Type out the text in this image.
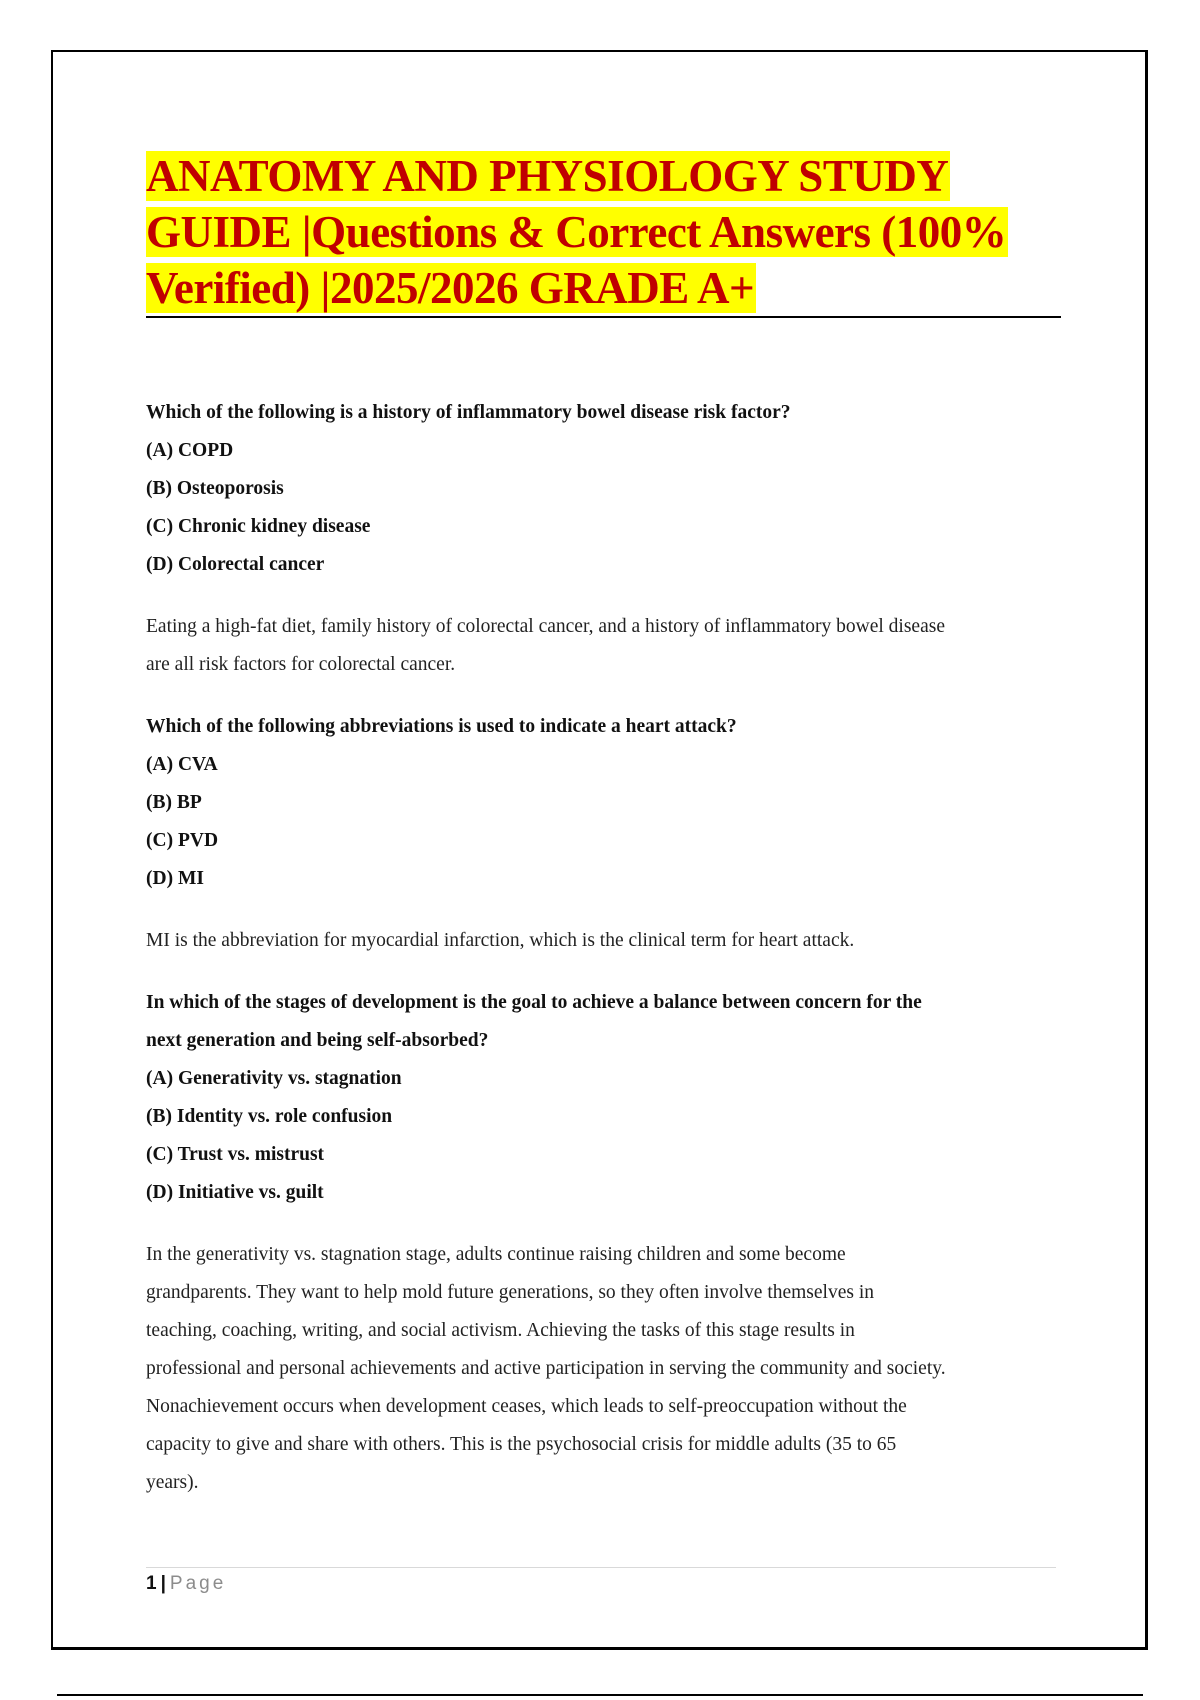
ANATOMY AND PHYSIOLOGY STUDY
GUIDE |Questions & Correct Answers (100%
Verified) |2025/2026 GRADE A+

Which of the following is a history of inflammatory bowel disease risk factor?

(A) COPD

(B) Osteoporosis

(C) Chronic kidney disease

(D) Colorectal cancer

Eating a high-fat diet, family history of colorectal cancer, and a history of inflammatory bowel disease

are all risk factors for colorectal cancer.

Which of the following abbreviations is used to indicate a heart attack?

(A) CVA

(B) BP

(C) PVD

(D) MI

MI is the abbreviation for myocardial infarction, which is the clinical term for heart attack.

In which of the stages of development is the goal to achieve a balance between concern for the

next generation and being self-absorbed?

(A) Generativity vs. stagnation

(B) Identity vs. role confusion

(C) Trust vs. mistrust

(D) Initiative vs. guilt

In the generativity vs. stagnation stage, adults continue raising children and some become

grandparents. They want to help mold future generations, so they often involve themselves in

teaching, coaching, writing, and social activism. Achieving the tasks of this stage results in

professional and personal achievements and active participation in serving the community and society.

Nonachievement occurs when development ceases, which leads to self-preoccupation without the

capacity to give and share with others. This is the psychosocial crisis for middle adults (35 to 65

years).

1 | Page
